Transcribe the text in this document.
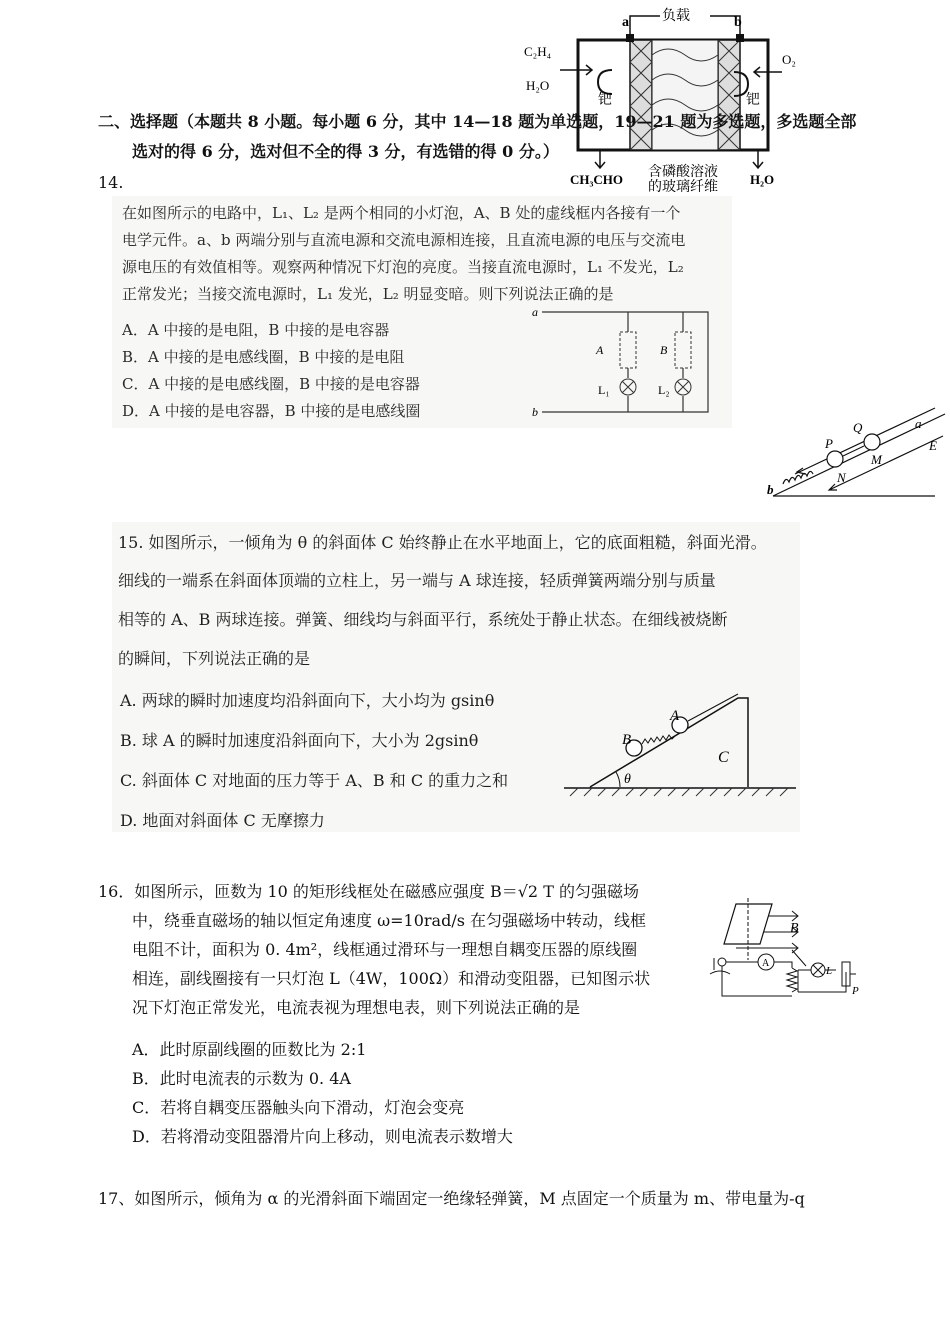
负载
a	b
C₂H₄
H₂O
O₂
钯	钯
CH₃CHO 含磷酸溶液
的玻璃纤维
H₂O
二、选择题（本题共 8 小题。每小题 6 分，其中 14—18 题为单选题，19—21 题为多选题，多选题全部
选对的得 6 分，选对但不全的得 3 分，有选错的得 0 分。）
14.
在如图所示的电路中，L₁、L₂ 是两个相同的小灯泡，A、B 处的虚线框内各接有一个
电学元件。a、b 两端分别与直流电源和交流电源相连接，且直流电源的电压与交流电
源电压的有效值相等。观察两种情况下灯泡的亮度。当接直流电源时，L₁ 不发光，L₂
正常发光；当接交流电源时，L₁ 发光，L₂ 明显变暗。则下列说法正确的是
A．A 中接的是电阻，B 中接的是电容器
B．A 中接的是电感线圈，B 中接的是电阻
C．A 中接的是电感线圈，B 中接的是电容器
D．A 中接的是电容器，B 中接的是电感线圈
a
b
A	B
L₁	L₂
P
Q	a
N
M
E
b
15. 如图所示，一倾角为 θ 的斜面体 C 始终静止在水平地面上，它的底面粗糙，斜面光滑。
细线的一端系在斜面体顶端的立柱上，另一端与 A 球连接，轻质弹簧两端分别与质量
相等的 A、B 两球连接。弹簧、细线均与斜面平行，系统处于静止状态。在细线被烧断
的瞬间，下列说法正确的是
A. 两球的瞬时加速度均沿斜面向下，大小均为 gsinθ
B. 球 A 的瞬时加速度沿斜面向下，大小为 2gsinθ
C. 斜面体 C 对地面的压力等于 A、B 和 C 的重力之和
D. 地面对斜面体 C 无摩擦力
B
A
C
θ
16．如图所示，匝数为 10 的矩形线框处在磁感应强度 B＝√2 T 的匀强磁场
中，绕垂直磁场的轴以恒定角速度 ω=10rad/s 在匀强磁场中转动，线框
电阻不计，面积为 0. 4m²，线框通过滑环与一理想自耦变压器的原线圈
相连，副线圈接有一只灯泡 L（4W，100Ω）和滑动变阻器，已知图示状
况下灯泡正常发光，电流表视为理想电表，则下列说法正确的是
A．此时原副线圈的匝数比为 2:1
B．此时电流表的示数为 0. 4A
C．若将自耦变压器触头向下滑动，灯泡会变亮
D．若将滑动变阻器滑片向上移动，则电流表示数增大
B
A
L
P
17、如图所示，倾角为 α 的光滑斜面下端固定一绝缘轻弹簧，M 点固定一个质量为 m、带电量为-q
